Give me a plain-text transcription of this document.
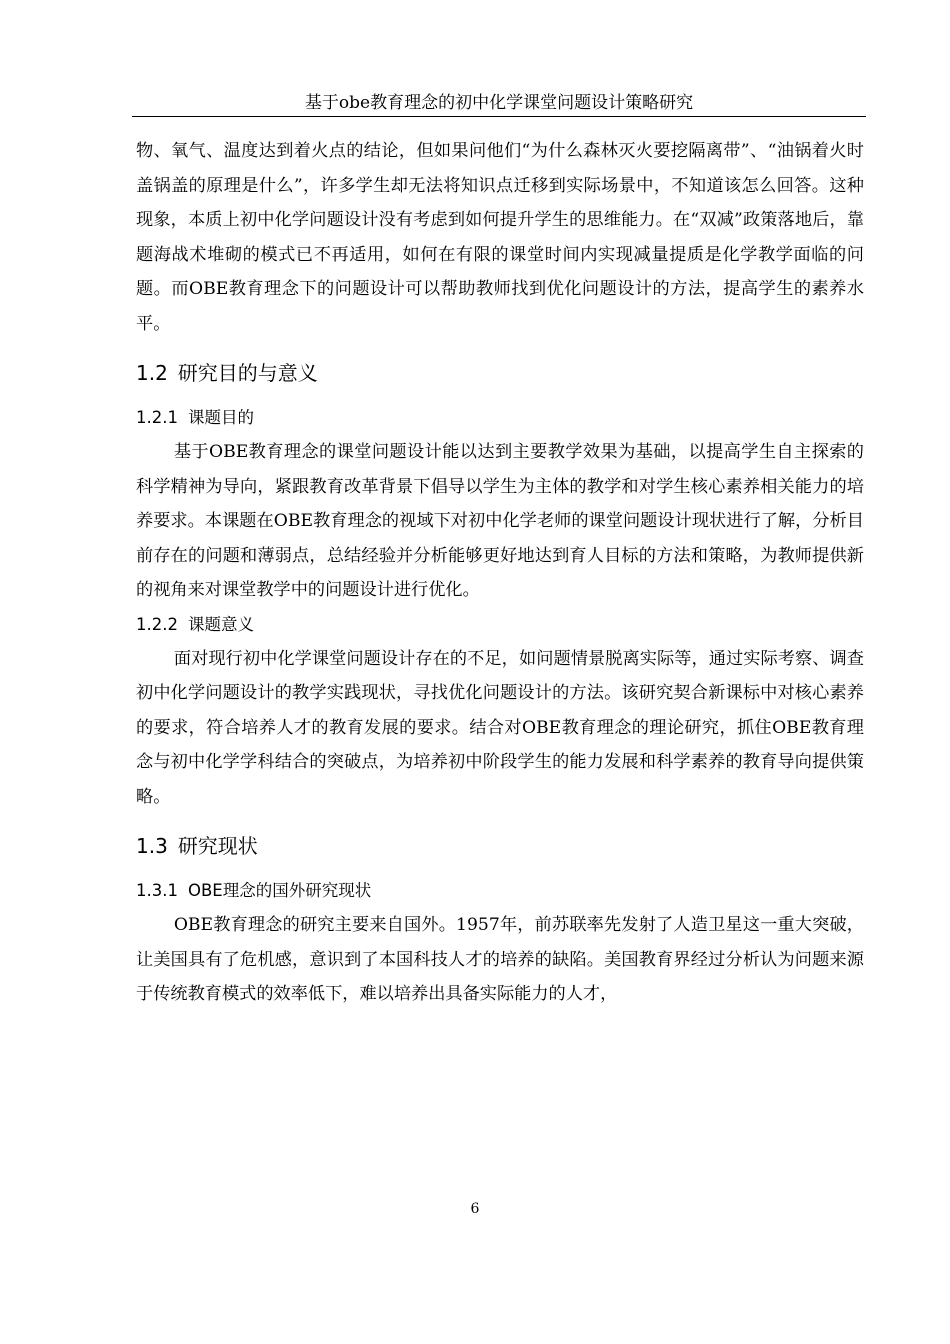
基于obe教育理念的初中化学课堂问题设计策略研究

物、氧气、温度达到着火点的结论，但如果问他们“为什么森林灭火要挖隔离带”、“油锅着火时盖锅盖的原理是什么”，许多学生却无法将知识点迁移到实际场景中，不知道该怎么回答。这种现象，本质上初中化学问题设计没有考虑到如何提升学生的思维能力。在“双减”政策落地后，靠题海战术堆砌的模式已不再适用，如何在有限的课堂时间内实现减量提质是化学教学面临的问题。而OBE教育理念下的问题设计可以帮助教师找到优化问题设计的方法，提高学生的素养水平。

1.2 研究目的与意义
1.2.1 课题目的

基于OBE教育理念的课堂问题设计能以达到主要教学效果为基础，以提高学生自主探索的科学精神为导向，紧跟教育改革背景下倡导以学生为主体的教学和对学生核心素养相关能力的培养要求。本课题在OBE教育理念的视域下对初中化学老师的课堂问题设计现状进行了解，分析目前存在的问题和薄弱点，总结经验并分析能够更好地达到育人目标的方法和策略，为教师提供新的视角来对课堂教学中的问题设计进行优化。

1.2.2 课题意义

面对现行初中化学课堂问题设计存在的不足，如问题情景脱离实际等，通过实际考察、调查初中化学问题设计的教学实践现状，寻找优化问题设计的方法。该研究契合新课标中对核心素养的要求，符合培养人才的教育发展的要求。结合对OBE教育理念的理论研究，抓住OBE教育理念与初中化学学科结合的突破点，为培养初中阶段学生的能力发展和科学素养的教育导向提供策略。

1.3 研究现状
1.3.1 OBE理念的国外研究现状

OBE教育理念的研究主要来自国外。1957年，前苏联率先发射了人造卫星这一重大突破，让美国具有了危机感，意识到了本国科技人才的培养的缺陷。美国教育界经过分析认为问题来源于传统教育模式的效率低下，难以培养出具备实际能力的人才，

6
